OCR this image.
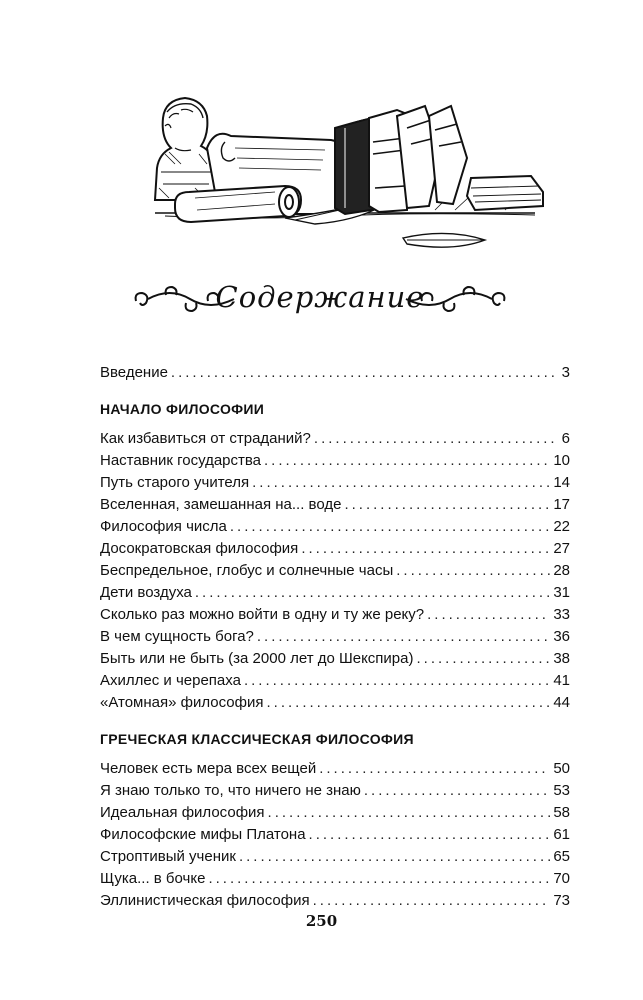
Содержание
Введение .....	3
НАЧАЛО ФИЛОСОФИИ
Как избавиться от страданий? .....	6
Наставник государства .....	10
Путь старого учителя .....	14
Вселенная, замешанная на... воде .....	17
Философия числа .....	22
Досократовская философия .....	27
Беспредельное, глобус и солнечные часы .....	28
Дети воздуха .....	31
Сколько раз можно войти в одну и ту же реку? .....	33
В чем сущность бога? .....	36
Быть или не быть (за 2000 лет до Шекспира) .....	38
Ахиллес и черепаха .....	41
«Атомная» философия .....	44
ГРЕЧЕСКАЯ КЛАССИЧЕСКАЯ ФИЛОСОФИЯ
Человек есть мера всех вещей .....	50
Я знаю только то, что ничего не знаю .....	53
Идеальная философия .....	58
Философские мифы Платона .....	61
Строптивый ученик .....	65
Щука... в бочке .....	70
Эллинистическая философия .....	73
250
